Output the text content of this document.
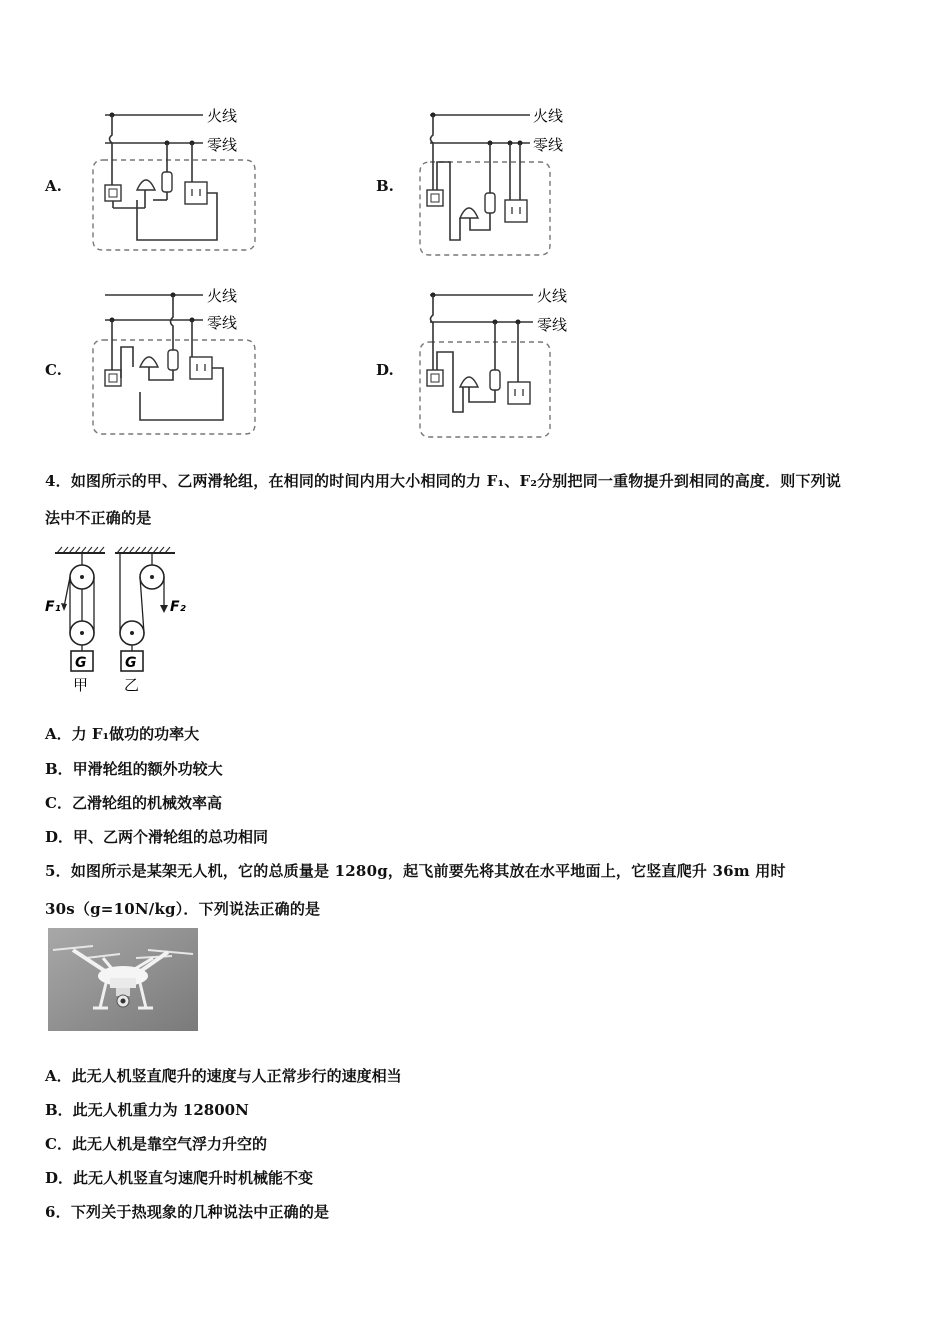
A.	B.
C.	D.
火线
零线
火线
零线
火线
零线
火线
零线
4．如图所示的甲、乙两滑轮组，在相同的时间内用大小相同的力 F₁、F₂分别把同一重物提升到相同的高度．则下列说
法中不正确的是
F₁
G
甲
F₂
G
乙
A．力 F₁做功的功率大
B．甲滑轮组的额外功较大
C．乙滑轮组的机械效率高
D．甲、乙两个滑轮组的总功相同
5．如图所示是某架无人机，它的总质量是 1280g，起飞前要先将其放在水平地面上，它竖直爬升 36m 用时
30s（g=10N/kg）．下列说法正确的是
A．此无人机竖直爬升的速度与人正常步行的速度相当
B．此无人机重力为 12800N
C．此无人机是靠空气浮力升空的
D．此无人机竖直匀速爬升时机械能不变
6．下列关于热现象的几种说法中正确的是
